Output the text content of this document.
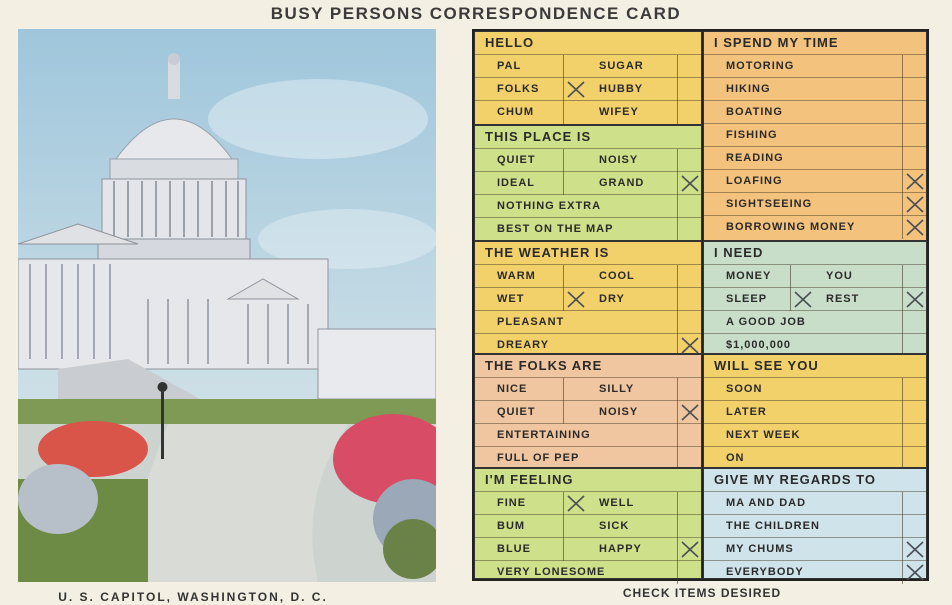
BUSY PERSONS CORRESPONDENCE CARD
U. S. CAPITOL, WASHINGTON, D. C.
HELLO
PAL	SUGAR
FOLKS	HUBBY
CHUM	WIFEY
THIS PLACE IS
QUIET	NOISY
IDEAL	GRAND
NOTHING EXTRA
BEST ON THE MAP
THE WEATHER IS
WARM	COOL
WET	DRY
PLEASANT
DREARY
THE FOLKS ARE
NICE	SILLY
QUIET	NOISY
ENTERTAINING
FULL OF PEP
I'M FEELING
FINE	WELL
BUM	SICK
BLUE	HAPPY
VERY LONESOME
I SPEND MY TIME
MOTORING
HIKING
BOATING
FISHING
READING
LOAFING
SIGHTSEEING
BORROWING MONEY
I NEED
MONEY	YOU
SLEEP	REST
A GOOD JOB
$1,000,000
WILL SEE YOU
SOON
LATER
NEXT WEEK
ON
GIVE MY REGARDS TO
MA AND DAD
THE CHILDREN
MY CHUMS
EVERYBODY
CHECK ITEMS DESIRED
